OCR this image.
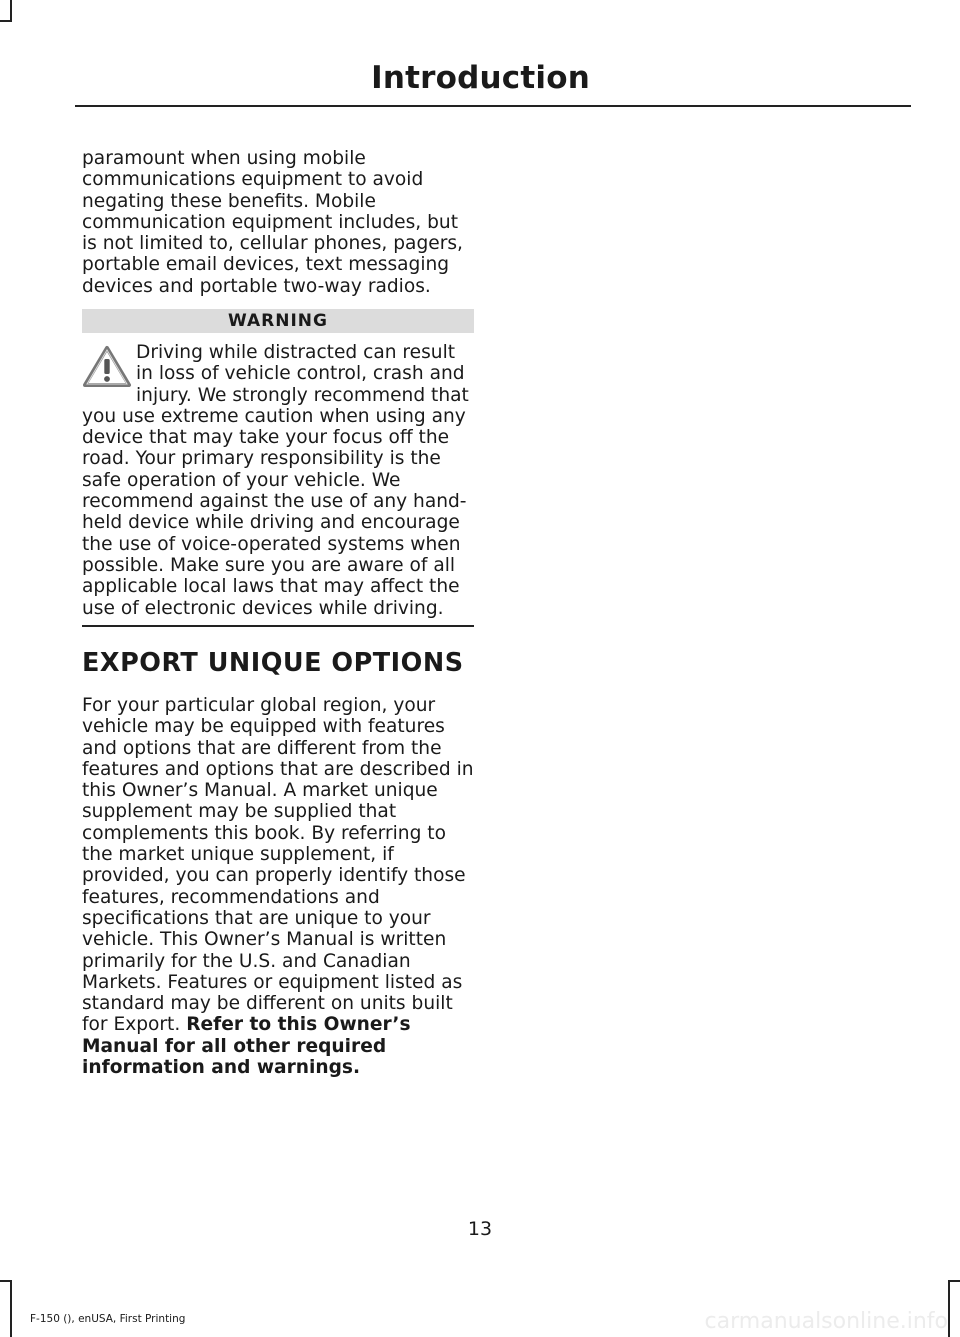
Introduction

paramount when using mobile communications equipment to avoid negating these benefits. Mobile communication equipment includes, but is not limited to, cellular phones, pagers, portable email devices, text messaging devices and portable two-way radios.

WARNING

Driving while distracted can result in loss of vehicle control, crash and injury. We strongly recommend that you use extreme caution when using any device that may take your focus off the road. Your primary responsibility is the safe operation of your vehicle. We recommend against the use of any hand-held device while driving and encourage the use of voice-operated systems when possible. Make sure you are aware of all applicable local laws that may affect the use of electronic devices while driving.

EXPORT UNIQUE OPTIONS

For your particular global region, your vehicle may be equipped with features and options that are different from the features and options that are described in this Owner’s Manual. A market unique supplement may be supplied that complements this book. By referring to the market unique supplement, if provided, you can properly identify those features, recommendations and specifications that are unique to your vehicle. This Owner’s Manual is written primarily for the U.S. and Canadian Markets. Features or equipment listed as standard may be different on units built for Export. Refer to this Owner’s Manual for all other required information and warnings.

13
F-150 (), enUSA, First Printing	carmanualsonline.info
